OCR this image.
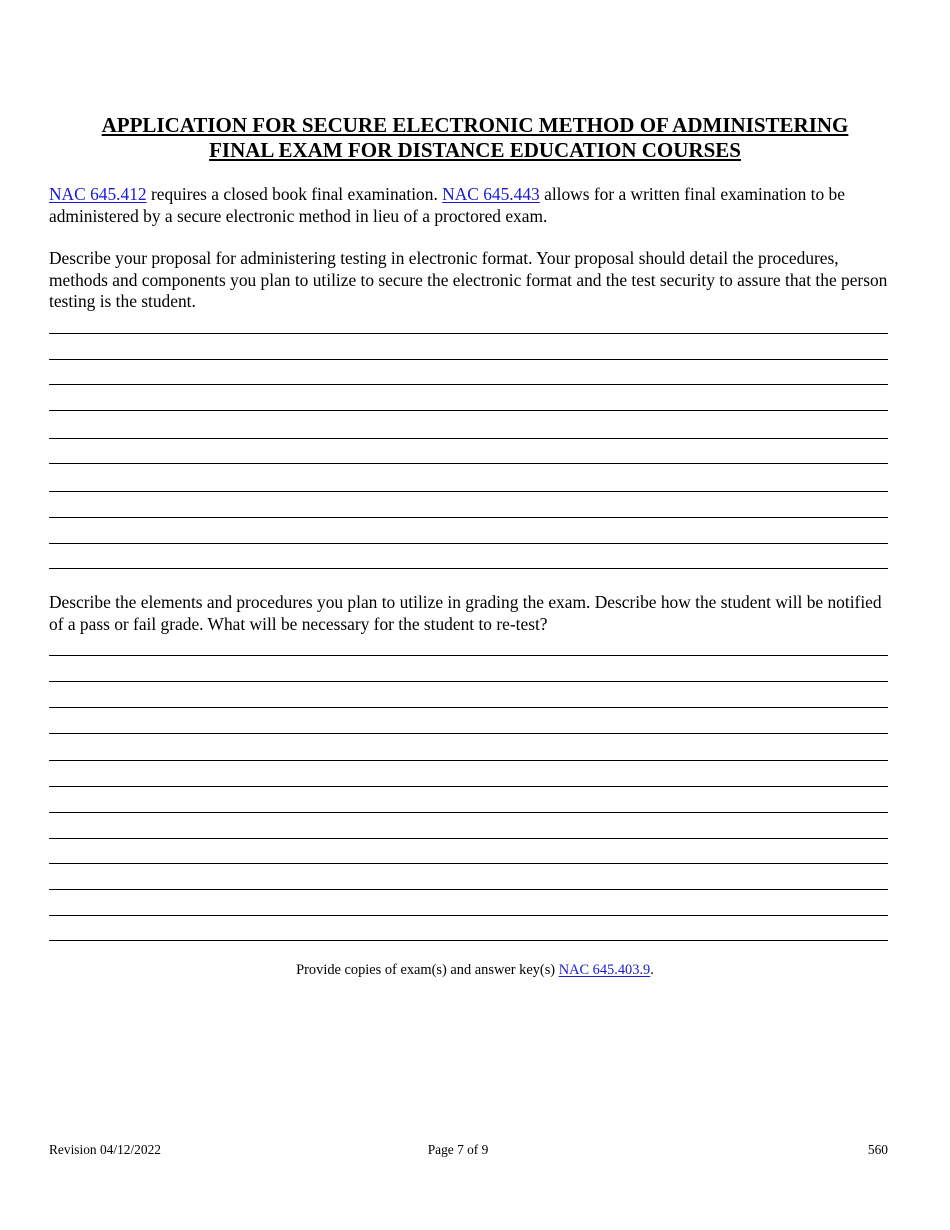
APPLICATION FOR SECURE ELECTRONIC METHOD OF ADMINISTERING
FINAL EXAM FOR DISTANCE EDUCATION COURSES
NAC 645.412 requires a closed book final examination. NAC 645.443 allows for a written final examination to be administered by a secure electronic method in lieu of a proctored exam.
Describe your proposal for administering testing in electronic format. Your proposal should detail the procedures, methods and components you plan to utilize to secure the electronic format and the test security to assure that the person testing is the student.
Describe the elements and procedures you plan to utilize in grading the exam. Describe how the student will be notified of a pass or fail grade. What will be necessary for the student to re-test?
Provide copies of exam(s) and answer key(s) NAC 645.403.9.
Revision 04/12/2022	Page 7 of 9	560
